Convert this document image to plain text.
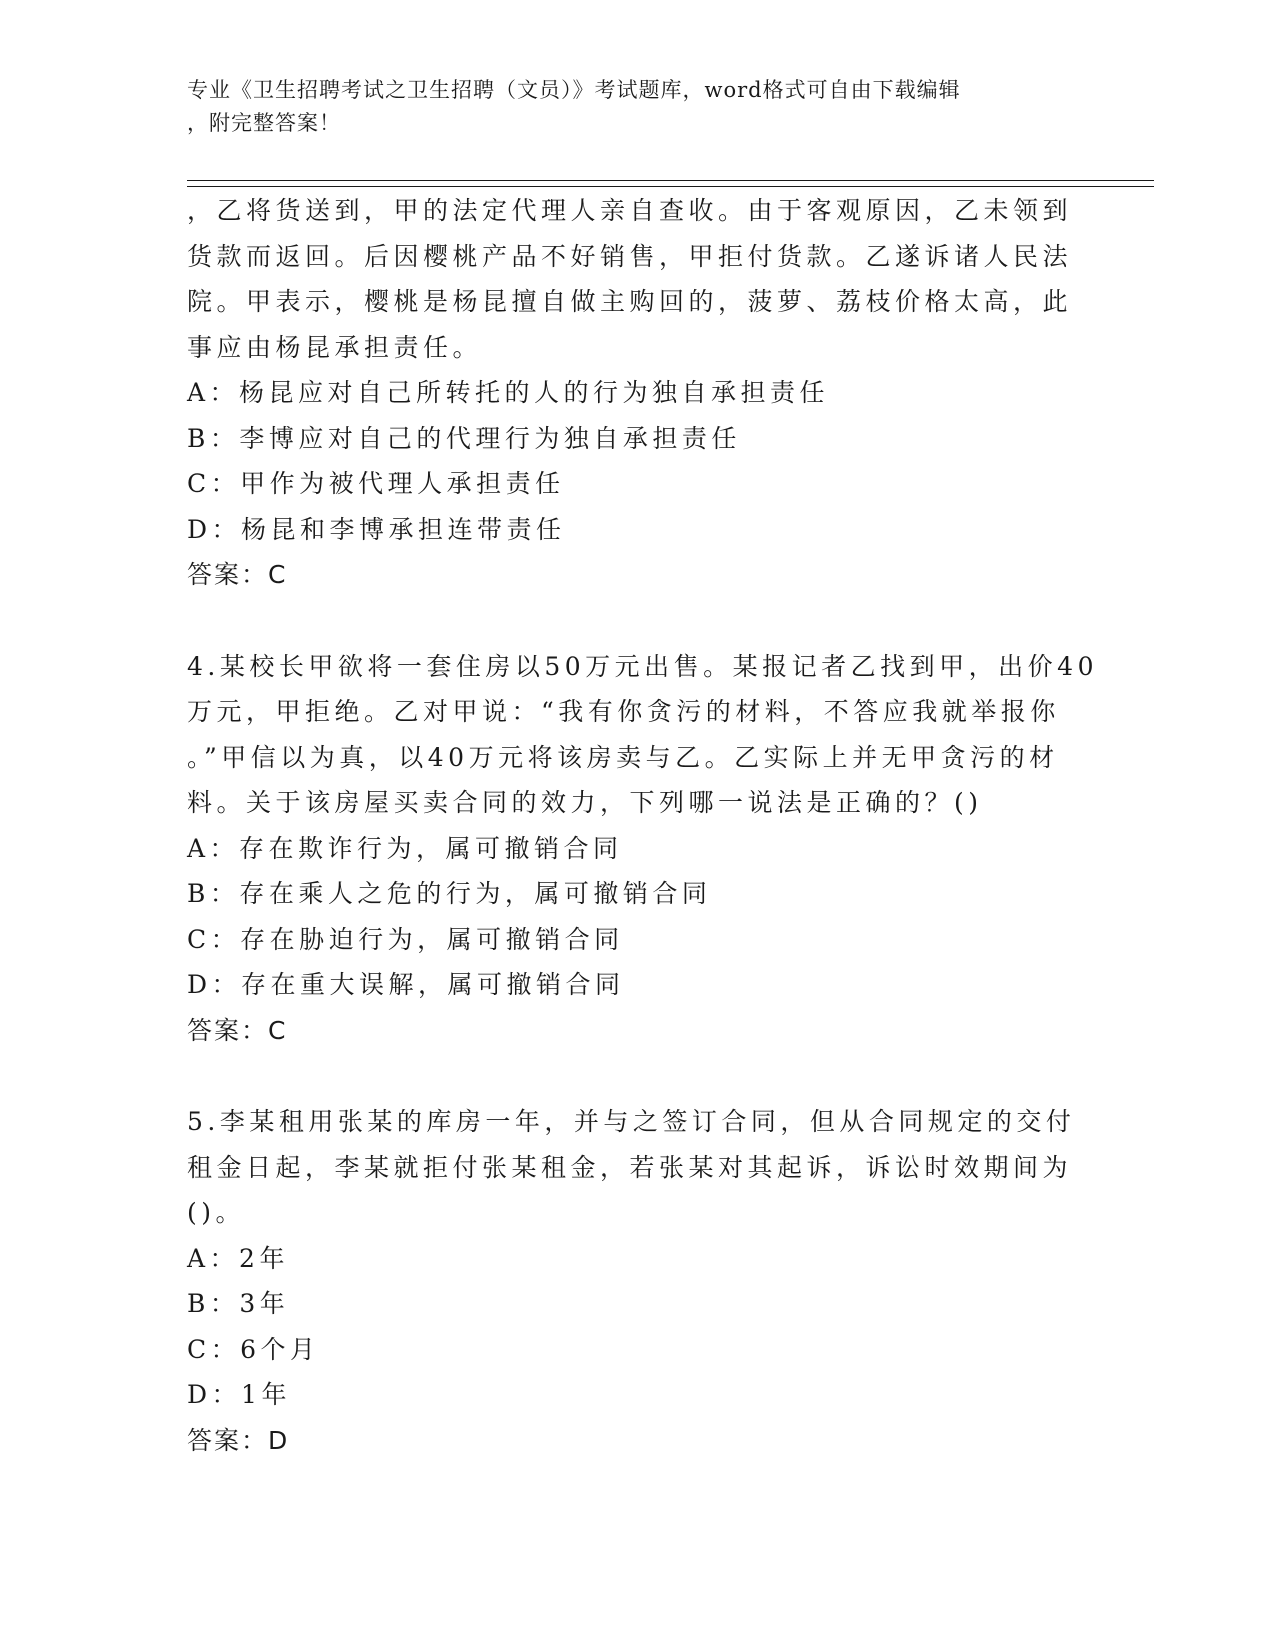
专业《卫生招聘考试之卫生招聘（文员）》考试题库，word格式可自由下载编辑
，附完整答案！
，乙将货送到，甲的法定代理人亲自查收。由于客观原因，乙未领到
货款而返回。后因樱桃产品不好销售，甲拒付货款。乙遂诉诸人民法
院。甲表示，樱桃是杨昆擅自做主购回的，菠萝、荔枝价格太高，此
事应由杨昆承担责任。
A：杨昆应对自己所转托的人的行为独自承担责任
B：李博应对自己的代理行为独自承担责任
C：甲作为被代理人承担责任
D：杨昆和李博承担连带责任
答案：C
4.某校长甲欲将一套住房以50万元出售。某报记者乙找到甲，出价40
万元，甲拒绝。乙对甲说：“我有你贪污的材料，不答应我就举报你
。”甲信以为真，以40万元将该房卖与乙。乙实际上并无甲贪污的材
料。关于该房屋买卖合同的效力，下列哪一说法是正确的？()
A：存在欺诈行为，属可撤销合同
B：存在乘人之危的行为，属可撤销合同
C：存在胁迫行为，属可撤销合同
D：存在重大误解，属可撤销合同
答案：C
5.李某租用张某的库房一年，并与之签订合同，但从合同规定的交付
租金日起，李某就拒付张某租金，若张某对其起诉，诉讼时效期间为
()。
A：2年
B：3年
C：6个月
D：1年
答案：D
